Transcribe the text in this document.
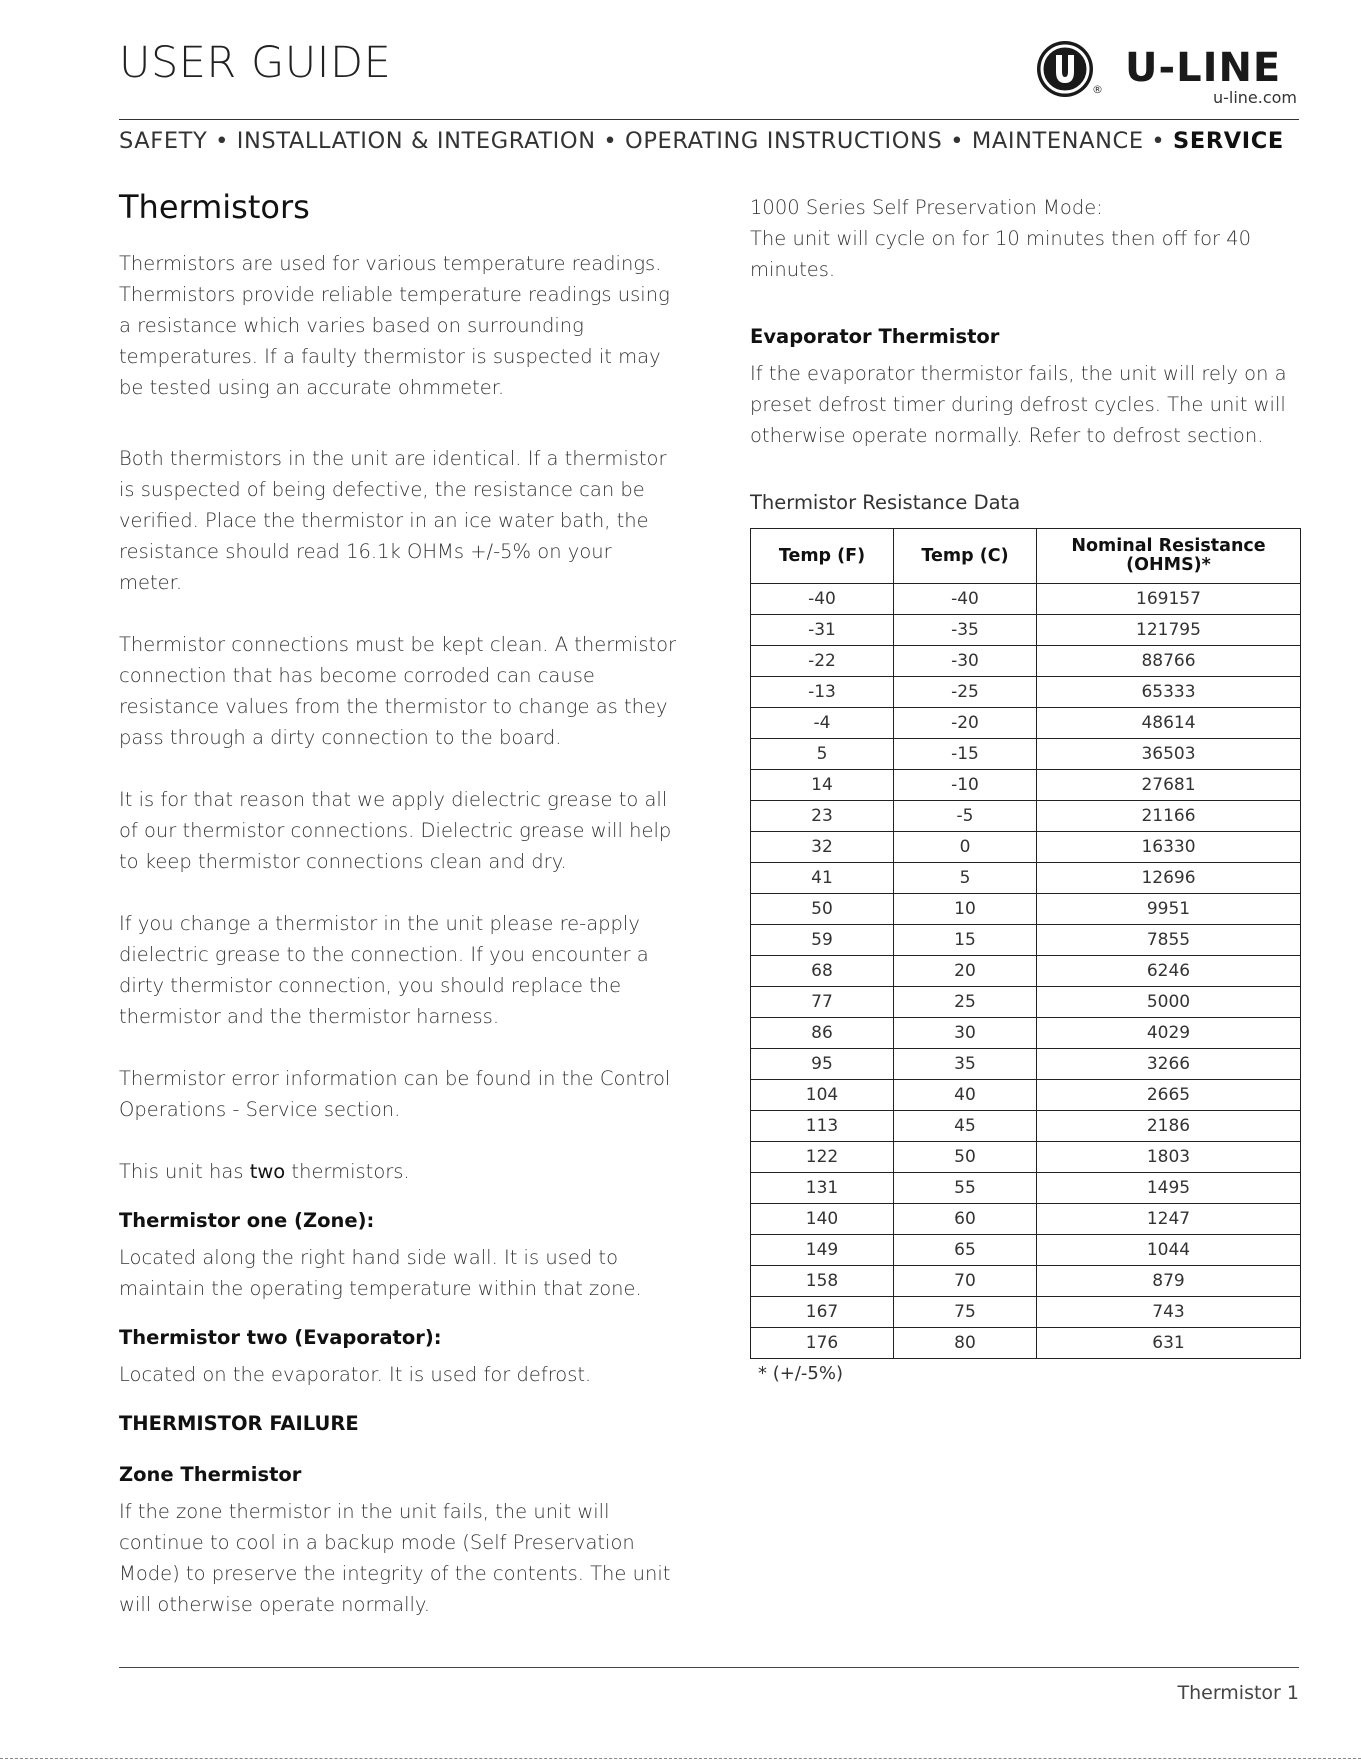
USER GUIDE
® U-LINE
u-line.com
SAFETY • INSTALLATION & INTEGRATION • OPERATING INSTRUCTIONS • MAINTENANCE • SERVICE
Thermistors

Thermistors are used for various temperature readings. Thermistors provide reliable temperature readings using a resistance which varies based on surrounding temperatures. If a faulty thermistor is suspected it may be tested using an accurate ohmmeter.

Both thermistors in the unit are identical. If a thermistor is suspected of being defective, the resistance can be verified. Place the thermistor in an ice water bath, the resistance should read 16.1k OHMs +/-5% on your meter.

Thermistor connections must be kept clean. A thermistor connection that has become corroded can cause resistance values from the thermistor to change as they pass through a dirty connection to the board.

It is for that reason that we apply dielectric grease to all of our thermistor connections. Dielectric grease will help to keep thermistor connections clean and dry.

If you change a thermistor in the unit please re-apply dielectric grease to the connection. If you encounter a dirty thermistor connection, you should replace the thermistor and the thermistor harness.

Thermistor error information can be found in the Control Operations - Service section.

This unit has two thermistors.

Thermistor one (Zone):

Located along the right hand side wall. It is used to maintain the operating temperature within that zone.

Thermistor two (Evaporator):

Located on the evaporator. It is used for defrost.

THERMISTOR FAILURE
Zone Thermistor

If the zone thermistor in the unit fails, the unit will continue to cool in a backup mode (Self Preservation Mode) to preserve the integrity of the contents. The unit will otherwise operate normally.

1000 Series Self Preservation Mode:

The unit will cycle on for 10 minutes then off for 40 minutes.

Evaporator Thermistor

If the evaporator thermistor fails, the unit will rely on a preset defrost timer during defrost cycles. The unit will otherwise operate normally. Refer to defrost section.

Thermistor Resistance Data

Temp (F)	Temp (C)	Nominal Resistance (OHMS)*
-40	-40	169157
-31	-35	121795
-22	-30	88766
-13	-25	65333
-4	-20	48614
5	-15	36503
14	-10	27681
23	-5	21166
32	0	16330
41	5	12696
50	10	9951
59	15	7855
68	20	6246
77	25	5000
86	30	4029
95	35	3266
104	40	2665
113	45	2186
122	50	1803
131	55	1495
140	60	1247
149	65	1044
158	70	879
167	75	743
176	80	631
* (+/-5%)
Thermistor 1
